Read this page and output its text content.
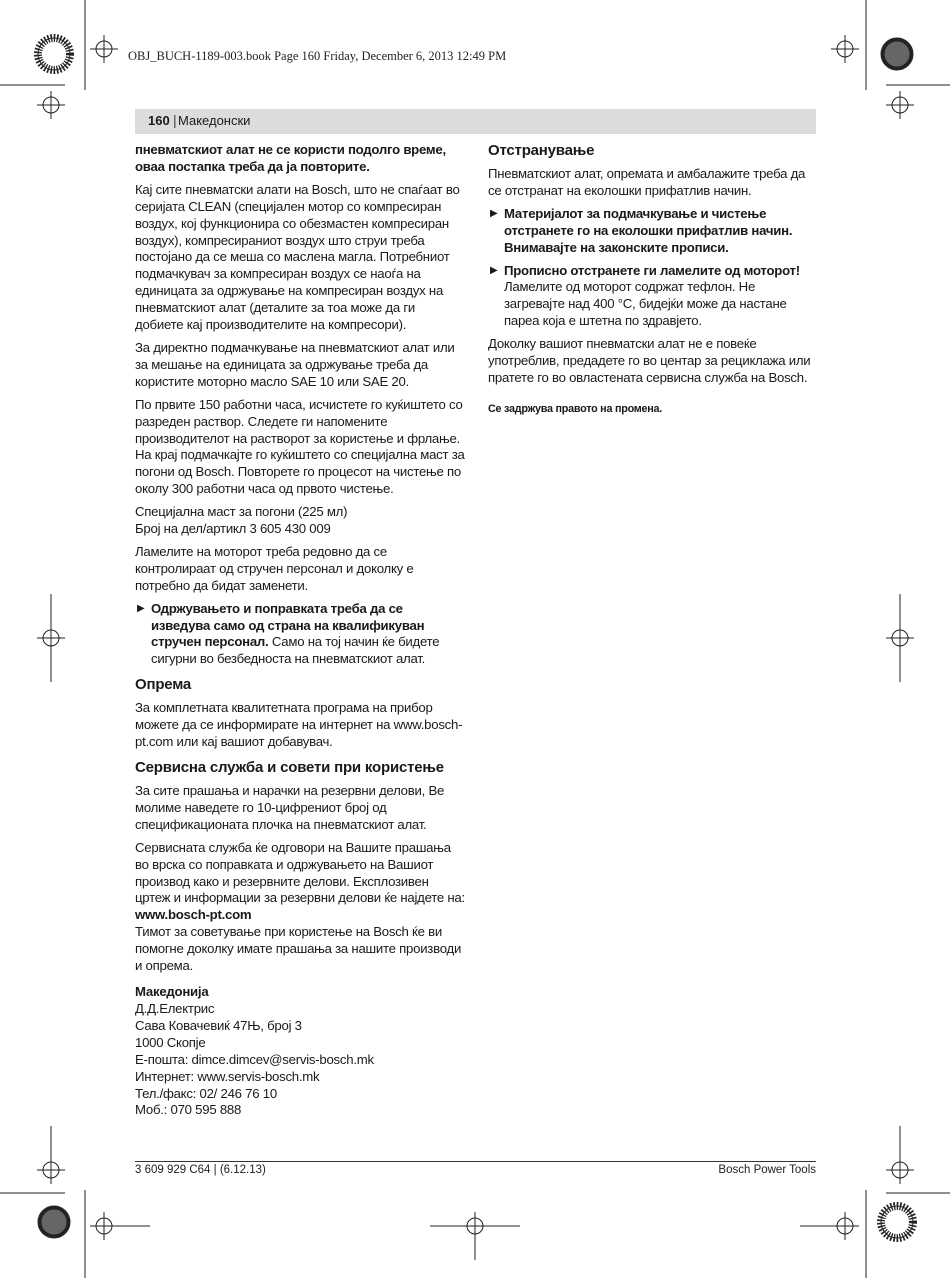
OBJ_BUCH-1189-003.book Page 160 Friday, December 6, 2013 12:49 PM
160 | Македонски

пневматскиот алат не се користи подолго време, оваа постапка треба да ја повторите.

Кај сите пневматски алати на Bosch, што не спаѓаат во серијата CLEAN (специјален мотор со компресиран воздух, кој функционира со обезмастен компресиран воздух), компресираниот воздух што струи треба постојано да се меша со маслена магла. Потребниот подмачкувач за компресиран воздух се наоѓа на единицата за одржување на компресиран воздух на пневматскиот алат (деталите за тоа може да ги добиете кај производителите на компресори).

За директно подмачкување на пневматскиот алат или за мешање на единицата за одржување треба да користите моторно масло SAE 10 или SAE 20.

По првите 150 работни часа, исчистете го куќиштето со разреден раствор. Следете ги напомените производителот на растворот за користење и фрлање. На крај подмачкајте го куќиштето со специјална маст за погони од Bosch. Повторете го процесот на чистење по околу 300 работни часа од првото чистење.

Специјална маст за погони (225 мл)
Број на дел/артикл 3 605 430 009

Ламелите на моторот треба редовно да се контролираат од стручен персонал и доколку е потребно да бидат заменети.

▶ Одржувањето и поправката треба да се изведува само од страна на квалификуван стручен персонал. Само на тој начин ќе бидете сигурни во безбедноста на пневматскиот алат.
Опрема

За комплетната квалитетната програма на прибор можете да се информирате на интернет на www.bosch-pt.com или кај вашиот добавувач.

Сервисна служба и совети при користење

За сите прашања и нарачки на резервни делови, Ве молиме наведете го 10-цифрениот број од спецификационата плочка на пневматскиот алат.

Сервисната служба ќе одговори на Вашите прашања во врска со поправката и одржувањето на Вашиот производ како и резервните делови. Експлозивен цртеж и информации за резервни делови ќе најдете на:
www.bosch-pt.com
Тимот за советување при користење на Bosch ќе ви помогне доколку имате прашања за нашите производи и опрема.

Македонија
Д.Д.Електрис
Сава Ковачевиќ 47Њ, број 3
1000 Скопје
E-пошта: dimce.dimcev@servis-bosch.mk
Интернет: www.servis-bosch.mk
Тел./факс: 02/ 246 76 10
Моб.: 070 595 888
Отстранување

Пневматскиот алат, опремата и амбалажите треба да се отстранат на еколошки прифатлив начин.

▶ Материјалот за подмачкување и чистење отстранете го на еколошки прифатлив начин. Внимавајте на законските прописи.
▶ Прописно отстранете ги ламелите од моторот!
Ламелите од моторот содржат тефлон. Не загревајте над 400 °C, бидејќи може да настане пареа која е штетна по здравјето.

Доколку вашиот пневматски алат не е повеќе употреблив, предадете го во центар за рециклажа или пратете го во овластената сервисна служба на Bosch.

Се задржува правото на промена.

3 609 929 C64 | (6.12.13)	Bosch Power Tools
